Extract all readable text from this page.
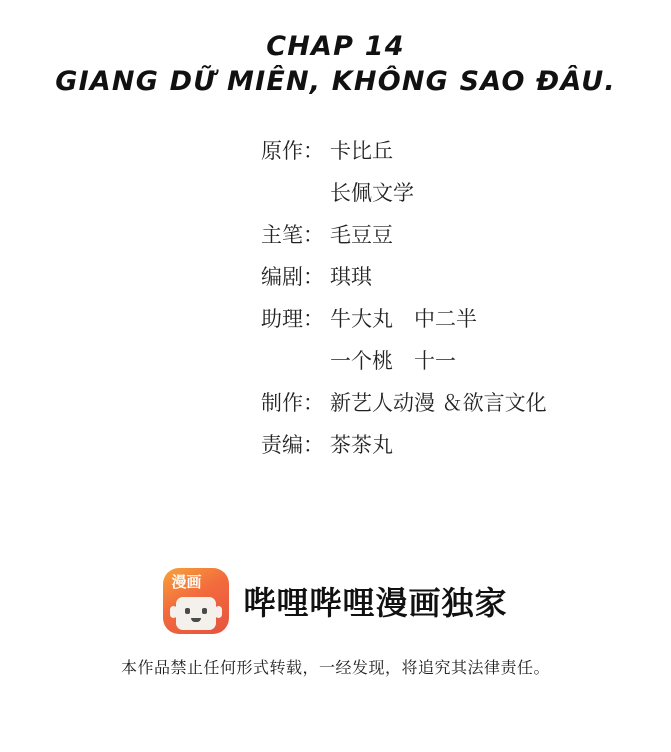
CHAP 14
GIANG DỮ MIÊN, KHÔNG SAO ĐÂU.
原作： 卡比丘
长佩文学
主笔： 毛豆豆
编剧： 琪琪
助理： 牛大丸　中二半
一个桃　十一
制作： 新艺人动漫 ＆欲言文化
责编： 茶茶丸
漫画
哔哩哔哩漫画独家
本作品禁止任何形式转载，一经发现，将追究其法律责任。
